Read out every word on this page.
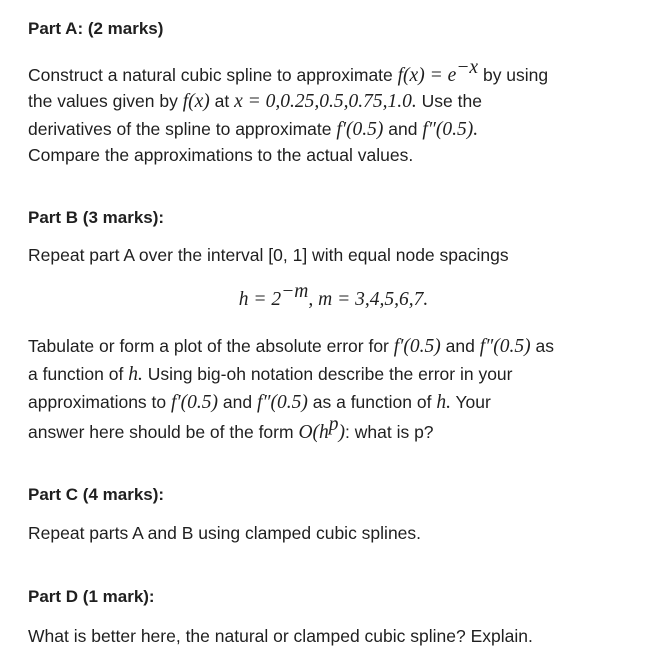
Part A: (2 marks)
Construct a natural cubic spline to approximate $f(x) = e^{-x}$ by using
the values given by f(x) at x = 0,0.25,0.5,0.75,1.0. Use the
derivatives of the spline to approximate f′(0.5) and f″(0.5).
Compare the approximations to the actual values.
Part B (3 marks):
Repeat part A over the interval [0, 1] with equal node spacings
$h = 2^{-m}$, m = 3,4,5,6,7.
Tabulate or form a plot of the absolute error for f′(0.5) and f″(0.5) as
a function of h. Using big-oh notation describe the error in your
approximations to f′(0.5) and f″(0.5) as a function of h. Your
answer here should be of the form $O(h^p)$: what is p?
Part C (4 marks):
Repeat parts A and B using clamped cubic splines.
Part D (1 mark):
What is better here, the natural or clamped cubic spline? Explain.
